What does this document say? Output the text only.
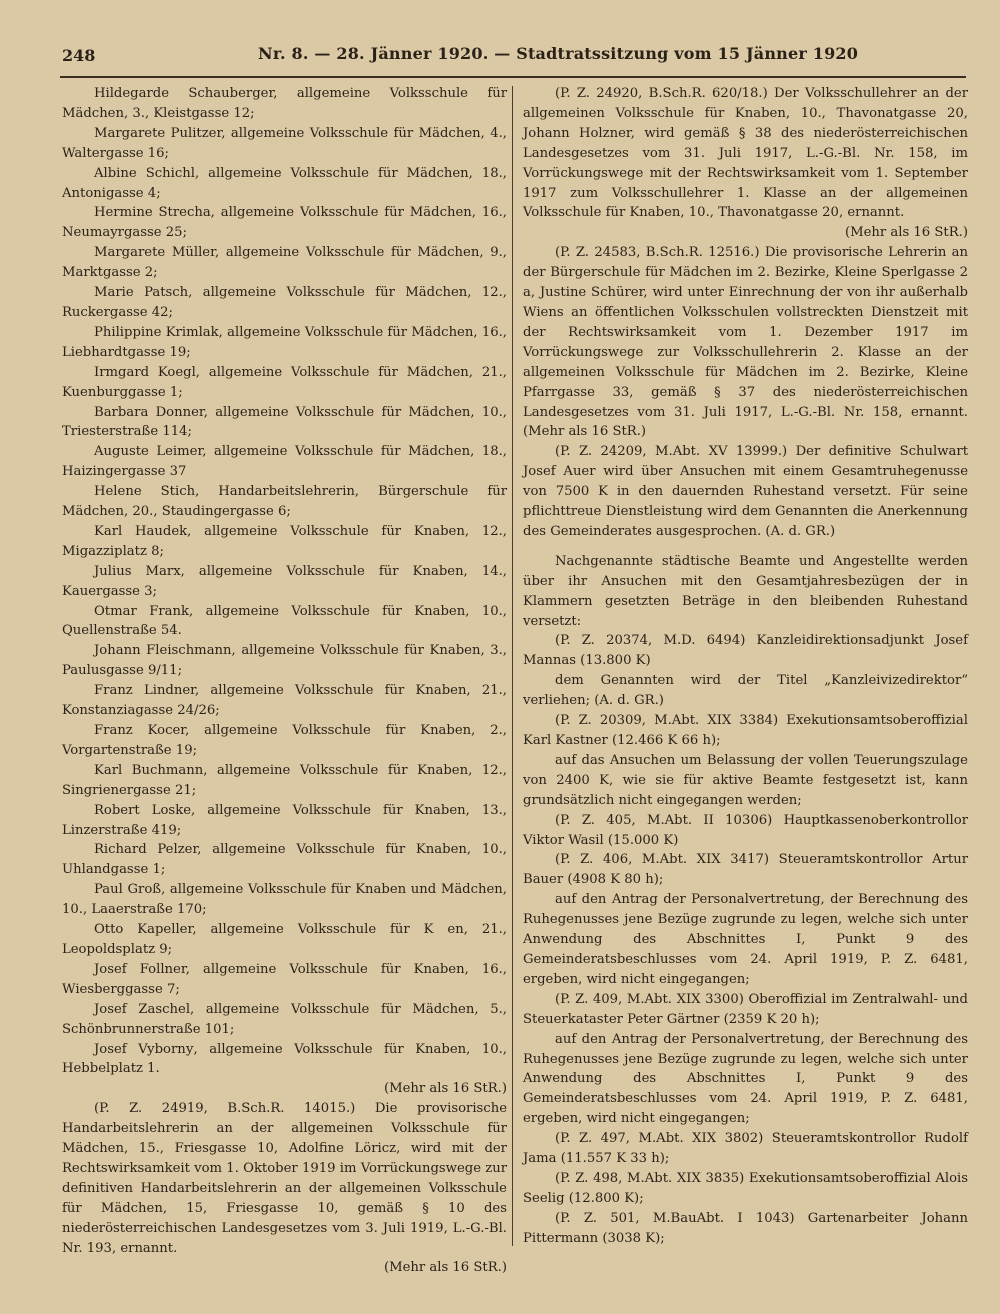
248	Nr. 8. — 28. Jänner 1920. — Stadtratssitzung vom 15 Jänner 1920

Hildegarde Schauberger, allgemeine Volksschule für Mädchen, 3., Kleistgasse 12;

Margarete Pulitzer, allgemeine Volksschule für Mädchen, 4., Waltergasse 16;

Albine Schichl, allgemeine Volksschule für Mädchen, 18., Antonigasse 4;

Hermine Strecha, allgemeine Volksschule für Mädchen, 16., Neumayrgasse 25;

Margarete Müller, allgemeine Volksschule für Mädchen, 9., Marktgasse 2;

Marie Patsch, allgemeine Volksschule für Mädchen, 12., Ruckergasse 42;

Philippine Krimlak, allgemeine Volksschule für Mädchen, 16., Liebhardtgasse 19;

Irmgard Koegl, allgemeine Volksschule für Mädchen, 21., Kuenburggasse 1;

Barbara Donner, allgemeine Volksschule für Mädchen, 10., Triesterstraße 114;

Auguste Leimer, allgemeine Volksschule für Mädchen, 18., Haizingergasse 37

Helene Stich, Handarbeitslehrerin, Bürgerschule für Mädchen, 20., Staudingergasse 6;

Karl Haudek, allgemeine Volksschule für Knaben, 12., Migazziplatz 8;

Julius Marx, allgemeine Volksschule für Knaben, 14., Kauergasse 3;

Otmar Frank, allgemeine Volksschule für Knaben, 10., Quellenstraße 54.

Johann Fleischmann, allgemeine Volksschule für Knaben, 3., Paulusgasse 9/11;

Franz Lindner, allgemeine Volksschule für Knaben, 21., Konstanziagasse 24/26;

Franz Kocer, allgemeine Volksschule für Knaben, 2., Vorgartenstraße 19;

Karl Buchmann, allgemeine Volksschule für Knaben, 12., Singrienergasse 21;

Robert Loske, allgemeine Volksschule für Knaben, 13., Linzerstraße 419;

Richard Pelzer, allgemeine Volksschule für Knaben, 10., Uhlandgasse 1;

Paul Groß, allgemeine Volksschule für Knaben und Mädchen, 10., Laaerstraße 170;

Otto Kapeller, allgemeine Volksschule für K en, 21., Leopoldsplatz 9;

Josef Follner, allgemeine Volksschule für Knaben, 16., Wiesberggasse 7;

Josef Zaschel, allgemeine Volksschule für Mädchen, 5., Schönbrunnerstraße 101;

Josef Vybornу, allgemeine Volksschule für Knaben, 10., Hebbelplatz 1.

(Mehr als 16 StR.)

(P. Z. 24919, B.Sch.R. 14015.) Die provisorische Handarbeitslehrerin an der allgemeinen Volksschule für Mädchen, 15., Friesgasse 10, Adolfine Löricz, wird mit der Rechtswirksamkeit vom 1. Oktober 1919 im Vorrückungswege zur definitiven Handarbeitslehrerin an der allgemeinen Volksschule für Mädchen, 15, Friesgasse 10, gemäß § 10 des niederösterreichischen Landesgesetzes vom 3. Juli 1919, L.-G.-Bl. Nr. 193, ernannt.

(Mehr als 16 StR.)

(P. Z. 24920, B.Sch.R. 620/18.) Der Volksschullehrer an der allgemeinen Volksschule für Knaben, 10., Thavonatgasse 20, Johann Holzner, wird gemäß § 38 des niederösterreichischen Landesgesetzes vom 31. Juli 1917, L.-G.-Bl. Nr. 158, im Vorrückungswege mit der Rechtswirksamkeit vom 1. September 1917 zum Volksschullehrer 1. Klasse an der allgemeinen Volksschule für Knaben, 10., Thavonatgasse 20, ernannt.

(Mehr als 16 StR.)

(P. Z. 24583, B.Sch.R. 12516.) Die provisorische Lehrerin an der Bürgerschule für Mädchen im 2. Bezirke, Kleine Sperlgasse 2 a, Justine Schürer, wird unter Einrechnung der von ihr außerhalb Wiens an öffentlichen Volksschulen vollstreckten Dienstzeit mit der Rechtswirksamkeit vom 1. Dezember 1917 im Vorrückungswege zur Volksschullehrerin 2. Klasse an der allgemeinen Volksschule für Mädchen im 2. Bezirke, Kleine Pfarrgasse 33, gemäß § 37 des niederösterreichischen Landesgesetzes vom 31. Juli 1917, L.-G.-Bl. Nr. 158, ernannt. (Mehr als 16 StR.)

(P. Z. 24209, M.Abt. XV 13999.) Der definitive Schulwart Josef Auer wird über Ansuchen mit einem Gesamtruhegenusse von 7500 K in den dauernden Ruhestand versetzt. Für seine pflichttreue Dienstleistung wird dem Genannten die Anerkennung des Gemeinderates ausgesprochen. (A. d. GR.)

Nachgenannte städtische Beamte und Angestellte werden über ihr Ansuchen mit den Gesamtjahresbezügen der in Klammern gesetzten Beträge in den bleibenden Ruhestand versetzt:

(P. Z. 20374, M.D. 6494) Kanzleidirektionsadjunkt Josef Mannas (13.800 K)

dem Genannten wird der Titel „Kanzleivizedirektor“ verliehen; (A. d. GR.)

(P. Z. 20309, M.Abt. XIX 3384) Exekutionsamtsoberoffizial Karl Kastner (12.466 K 66 h);

auf das Ansuchen um Belassung der vollen Teuerungszulage von 2400 K, wie sie für aktive Beamte festgesetzt ist, kann grundsätzlich nicht eingegangen werden;

(P. Z. 405, M.Abt. II 10306) Hauptkassenoberkontrollor Viktor Wasil (15.000 K)

(P. Z. 406, M.Abt. XIX 3417) Steueramtskontrollor Artur Bauer (4908 K 80 h);

auf den Antrag der Personalvertretung, der Berechnung des Ruhegenusses jene Bezüge zugrunde zu legen, welche sich unter Anwendung des Abschnittes I, Punkt 9 des Gemeinderatsbeschlusses vom 24. April 1919, P. Z. 6481, ergeben, wird nicht eingegangen;

(P. Z. 409, M.Abt. XIX 3300) Oberoffizial im Zentralwahl- und Steuerkataster Peter Gärtner (2359 K 20 h);

auf den Antrag der Personalvertretung, der Berechnung des Ruhegenusses jene Bezüge zugrunde zu legen, welche sich unter Anwendung des Abschnittes I, Punkt 9 des Gemeinderatsbeschlusses vom 24. April 1919, P. Z. 6481, ergeben, wird nicht eingegangen;

(P. Z. 497, M.Abt. XIX 3802) Steueramtskontrollor Rudolf Jama (11.557 K 33 h);

(P. Z. 498, M.Abt. XIX 3835) Exekutionsamtsoberoffizial Alois Seelig (12.800 K);

(P. Z. 501, M.BauAbt. I 1043) Gartenarbeiter Johann Pittermann (3038 K);
